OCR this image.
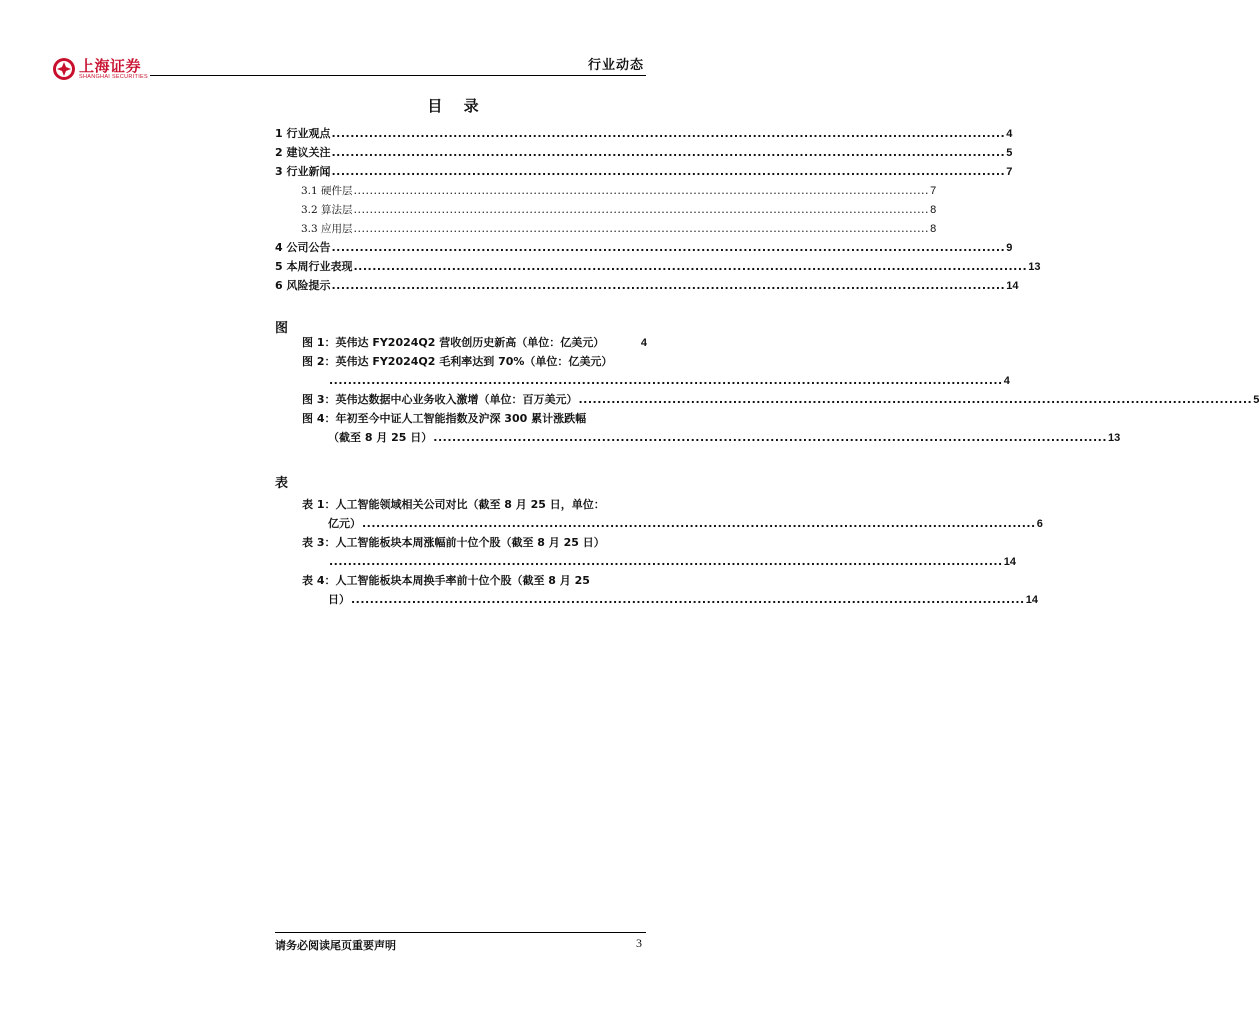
上海证券
SHANGHAI SECURITIES
行业动态
目 录
1 行业观点 ................................................................................................................................................ 4
2 建议关注 ................................................................................................................................................ 5
3 行业新闻 ................................................................................................................................................ 7
3.1 硬件层 ................................................................................................................................................ 7
3.2 算法层 ................................................................................................................................................ 8
3.3 应用层 ................................................................................................................................................ 8
4 公司公告 ................................................................................................................................................ 9
5 本周行业表现 ................................................................................................................................................ 13
6 风险提示 ................................................................................................................................................ 14
图
图 1：英伟达 FY2024Q2 营收创历史新高（单位：亿美元）	4
图 2：英伟达 FY2024Q2 毛利率达到 70%（单位：亿美元）
................................................................................................................................................ 4
图 3：英伟达数据中心业务收入激增（单位：百万美元） ................................................................................................................................................ 5
图 4：年初至今中证人工智能指数及沪深 300 累计涨跌幅
（截至 8 月 25 日） ................................................................................................................................................ 13
表
表 1：人工智能领域相关公司对比（截至 8 月 25 日，单位：
亿元） ................................................................................................................................................ 6
表 3：人工智能板块本周涨幅前十位个股（截至 8 月 25 日）
................................................................................................................................................ 14
表 4：人工智能板块本周换手率前十位个股（截至 8 月 25
日） ................................................................................................................................................ 14
请务必阅读尾页重要声明	3
